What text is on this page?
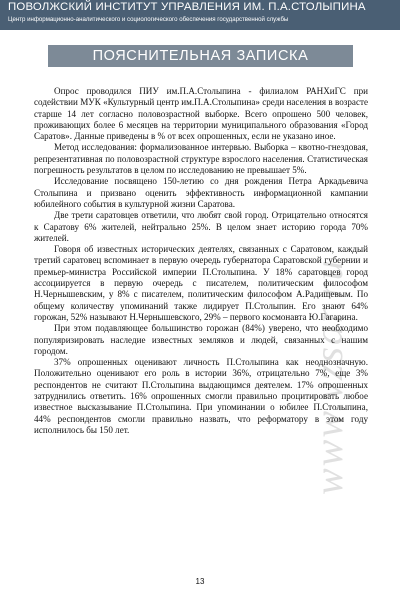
ПОВОЛЖСКИЙ ИНСТИТУТ УПРАВЛЕНИЯ ИМ. П.А.СТОЛЫПИНА
Центр информационно-аналитического и социологического обеспечения государственной службы
ПОЯСНИТЕЛЬНАЯ ЗАПИСКА

Опрос проводился ПИУ им.П.А.Столыпина - филиалом РАНХиГС при содействии МУК «Культурный центр им.П.А.Столыпина» среди населения в возрасте старше 14 лет согласно половозрастной выборке. Всего опрошено 500 человек, проживающих более 6 месяцев на территории муниципального образования «Город Саратов». Данные приведены в % от всех опрошенных, если не указано иное.

Метод исследования: формализованное интервью. Выборка – квотно-гнездовая, репрезентативная по половозрастной структуре взрослого населения. Статистическая погрешность результатов в целом по исследованию не превышает 5%.

Исследование посвящено 150-летию со дня рождения Петра Аркадьевича Столыпина и призвано оценить эффективность информационной кампании юбилейного события в культурной жизни Саратова.

Две трети саратовцев ответили, что любят свой город. Отрицательно относятся к Саратову 6% жителей, нейтрально 25%. В целом знает историю города 70% жителей.

Говоря об известных исторических деятелях, связанных с Саратовом, каждый третий саратовец вспоминает в первую очередь губернатора Саратовской губернии и премьер-министра Российской империи П.Столыпина. У 18% саратовцев город ассоциируется в первую очередь с писателем, политическим философом Н.Чернышевским, у 8% с писателем, политическим философом А.Радищевым. По общему количеству упоминаний также лидирует П.Столыпин. Его знают 64% горожан, 52% называют Н.Чернышевского, 29% – первого космонавта Ю.Гагарина.

При этом подавляющее большинство горожан (84%) уверено, что необходимо популяризировать наследие известных земляков и людей, связанных с нашим городом.

37% опрошенных оценивают личность П.Столыпина как неоднозначную. Положительно оценивают его роль в истории 36%, отрицательно 7%, еще 3% респондентов не считают П.Столыпина выдающимся деятелем. 17% опрошенных затруднились ответить. 16% опрошенных смогли правильно процитировать любое известное высказывание П.Столыпина. При упоминании о юбилее П.Столыпина, 44% респондентов смогли правильно назвать, что реформатору в этом году исполнилось бы 150 лет.	www.vzsar.ru
13
